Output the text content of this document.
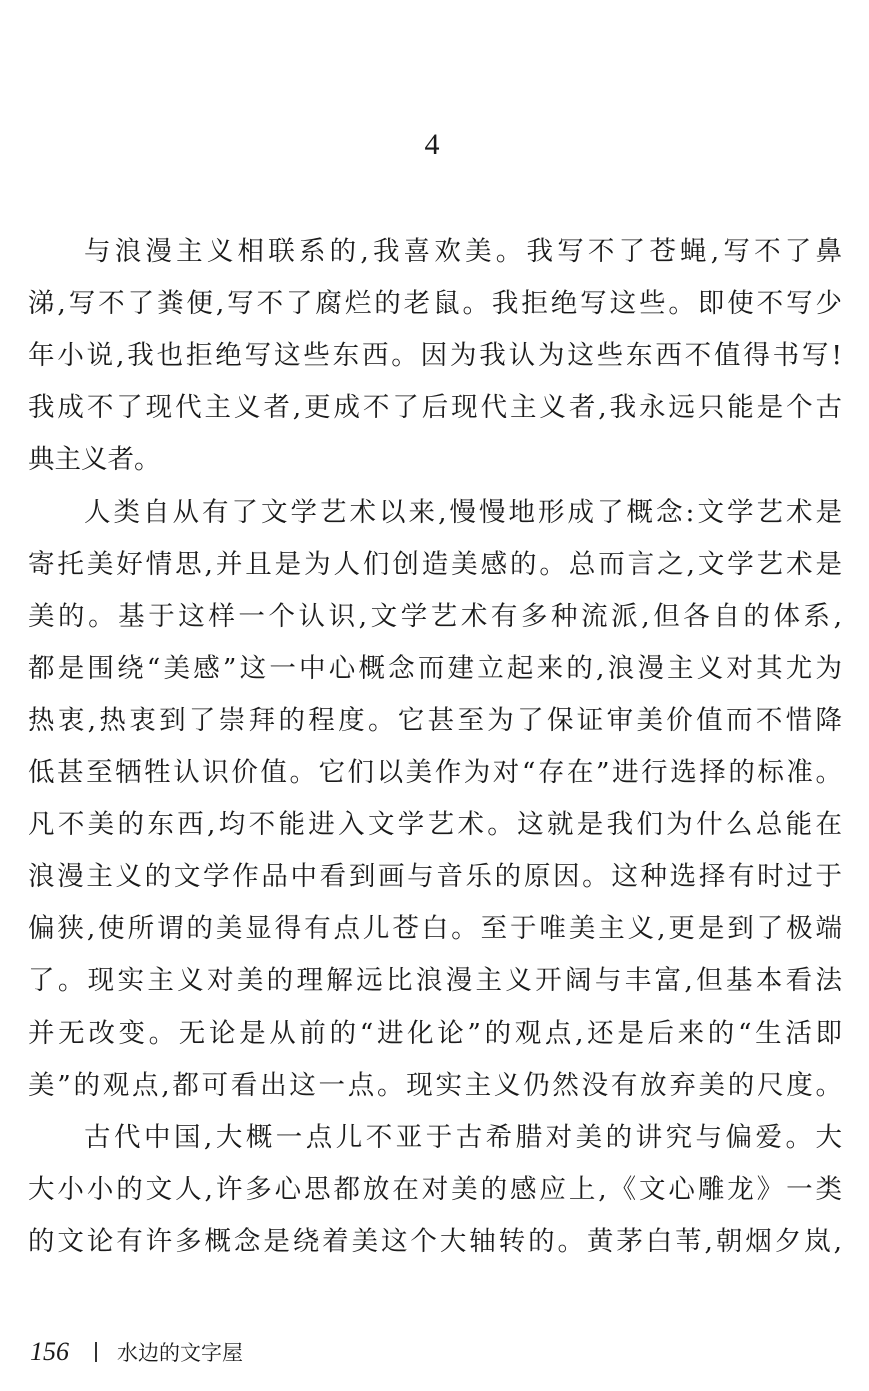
4
与浪漫主义相联系的,我喜欢美。我写不了苍蝇,写不了鼻
涕,写不了粪便,写不了腐烂的老鼠。我拒绝写这些。即使不写少
年小说,我也拒绝写这些东西。因为我认为这些东西不值得书写!
我成不了现代主义者,更成不了后现代主义者,我永远只能是个古
典主义者。
人类自从有了文学艺术以来,慢慢地形成了概念:文学艺术是
寄托美好情思,并且是为人们创造美感的。总而言之,文学艺术是
美的。基于这样一个认识,文学艺术有多种流派,但各自的体系,
都是围绕“美感”这一中心概念而建立起来的,浪漫主义对其尤为
热衷,热衷到了崇拜的程度。它甚至为了保证审美价值而不惜降
低甚至牺牲认识价值。它们以美作为对“存在”进行选择的标准。
凡不美的东西,均不能进入文学艺术。这就是我们为什么总能在
浪漫主义的文学作品中看到画与音乐的原因。这种选择有时过于
偏狭,使所谓的美显得有点儿苍白。至于唯美主义,更是到了极端
了。现实主义对美的理解远比浪漫主义开阔与丰富,但基本看法
并无改变。无论是从前的“进化论”的观点,还是后来的“生活即
美”的观点,都可看出这一点。现实主义仍然没有放弃美的尺度。
古代中国,大概一点儿不亚于古希腊对美的讲究与偏爱。大
大小小的文人,许多心思都放在对美的感应上,《文心雕龙》一类
的文论有许多概念是绕着美这个大轴转的。黄茅白苇,朝烟夕岚,
156 水边的文字屋
